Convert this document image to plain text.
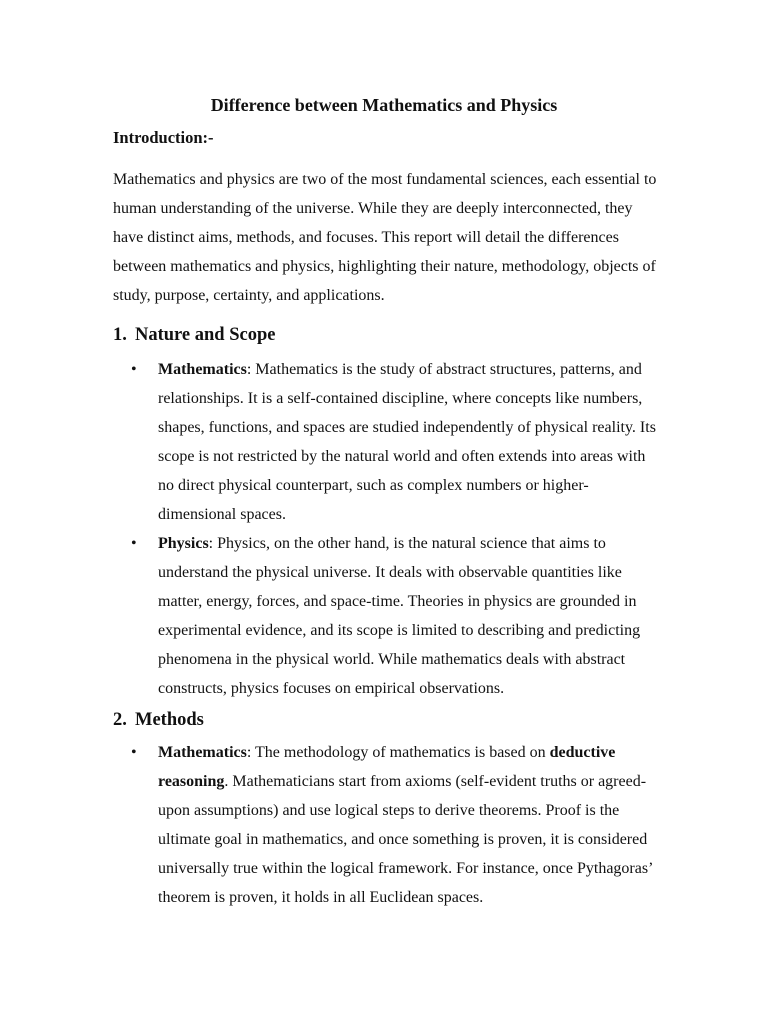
Difference between Mathematics and Physics
Introduction:-

Mathematics and physics are two of the most fundamental sciences, each essential to human understanding of the universe. While they are deeply interconnected, they have distinct aims, methods, and focuses. This report will detail the differences between mathematics and physics, highlighting their nature, methodology, objects of study, purpose, certainty, and applications.

1. Nature and Scope
• Mathematics: Mathematics is the study of abstract structures, patterns, and relationships. It is a self-contained discipline, where concepts like numbers, shapes, functions, and spaces are studied independently of physical reality. Its scope is not restricted by the natural world and often extends into areas with no direct physical counterpart, such as complex numbers or higher-dimensional spaces.
• Physics: Physics, on the other hand, is the natural science that aims to understand the physical universe. It deals with observable quantities like matter, energy, forces, and space-time. Theories in physics are grounded in experimental evidence, and its scope is limited to describing and predicting phenomena in the physical world. While mathematics deals with abstract constructs, physics focuses on empirical observations.
2. Methods
• Mathematics: The methodology of mathematics is based on deductive reasoning. Mathematicians start from axioms (self-evident truths or agreed-upon assumptions) and use logical steps to derive theorems. Proof is the ultimate goal in mathematics, and once something is proven, it is considered universally true within the logical framework. For instance, once Pythagoras’ theorem is proven, it holds in all Euclidean spaces.
